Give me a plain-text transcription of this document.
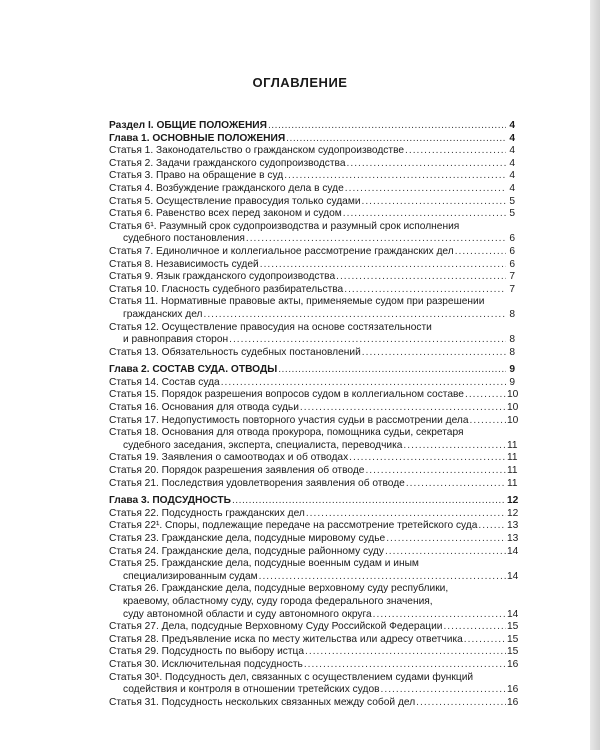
ОГЛАВЛЕНИЕ
Раздел I. ОБЩИЕ ПОЛОЖЕНИЯ .....	4
Глава 1. ОСНОВНЫЕ ПОЛОЖЕНИЯ .....	4
Статья 1. Законодательство о гражданском судопроизводстве .....	4
Статья 2. Задачи гражданского судопроизводства .....	4
Статья 3. Право на обращение в суд .....	4
Статья 4. Возбуждение гражданского дела в суде .....	4
Статья 5. Осуществление правосудия только судами .....	5
Статья 6. Равенство всех перед законом и судом .....	5
Статья 6¹. Разумный срок судопроизводства и разумный срок исполнения
судебного постановления .....	6
Статья 7. Единоличное и коллегиальное рассмотрение гражданских дел .....	6
Статья 8. Независимость судей .....	6
Статья 9. Язык гражданского судопроизводства .....	7
Статья 10. Гласность судебного разбирательства .....	7
Статья 11. Нормативные правовые акты, применяемые судом при разрешении
гражданских дел .....	8
Статья 12. Осуществление правосудия на основе состязательности
и равноправия сторон .....	8
Статья 13. Обязательность судебных постановлений .....	8
Глава 2. СОСТАВ СУДА. ОТВОДЫ .....	9
Статья 14. Состав суда .....	9
Статья 15. Порядок разрешения вопросов судом в коллегиальном составе .....	10
Статья 16. Основания для отвода судьи .....	10
Статья 17. Недопустимость повторного участия судьи в рассмотрении дела .....	10
Статья 18. Основания для отвода прокурора, помощника судьи, секретаря
судебного заседания, эксперта, специалиста, переводчика .....	11
Статья 19. Заявления о самоотводах и об отводах .....	11
Статья 20. Порядок разрешения заявления об отводе .....	11
Статья 21. Последствия удовлетворения заявления об отводе .....	11
Глава 3. ПОДСУДНОСТЬ .....	12
Статья 22. Подсудность гражданских дел .....	12
Статья 22¹. Споры, подлежащие передаче на рассмотрение третейского суда .....	13
Статья 23. Гражданские дела, подсудные мировому судье .....	13
Статья 24. Гражданские дела, подсудные районному суду .....	14
Статья 25. Гражданские дела, подсудные военным судам и иным
специализированным судам .....	14
Статья 26. Гражданские дела, подсудные верховному суду республики,
краевому, областному суду, суду города федерального значения,
суду автономной области и суду автономного округа .....	14
Статья 27. Дела, подсудные Верховному Суду Российской Федерации .....	15
Статья 28. Предъявление иска по месту жительства или адресу ответчика .....	15
Статья 29. Подсудность по выбору истца .....	15
Статья 30. Исключительная подсудность .....	16
Статья 30¹. Подсудность дел, связанных с осуществлением судами функций
содействия и контроля в отношении третейских судов .....	16
Статья 31. Подсудность нескольких связанных между собой дел .....	16
